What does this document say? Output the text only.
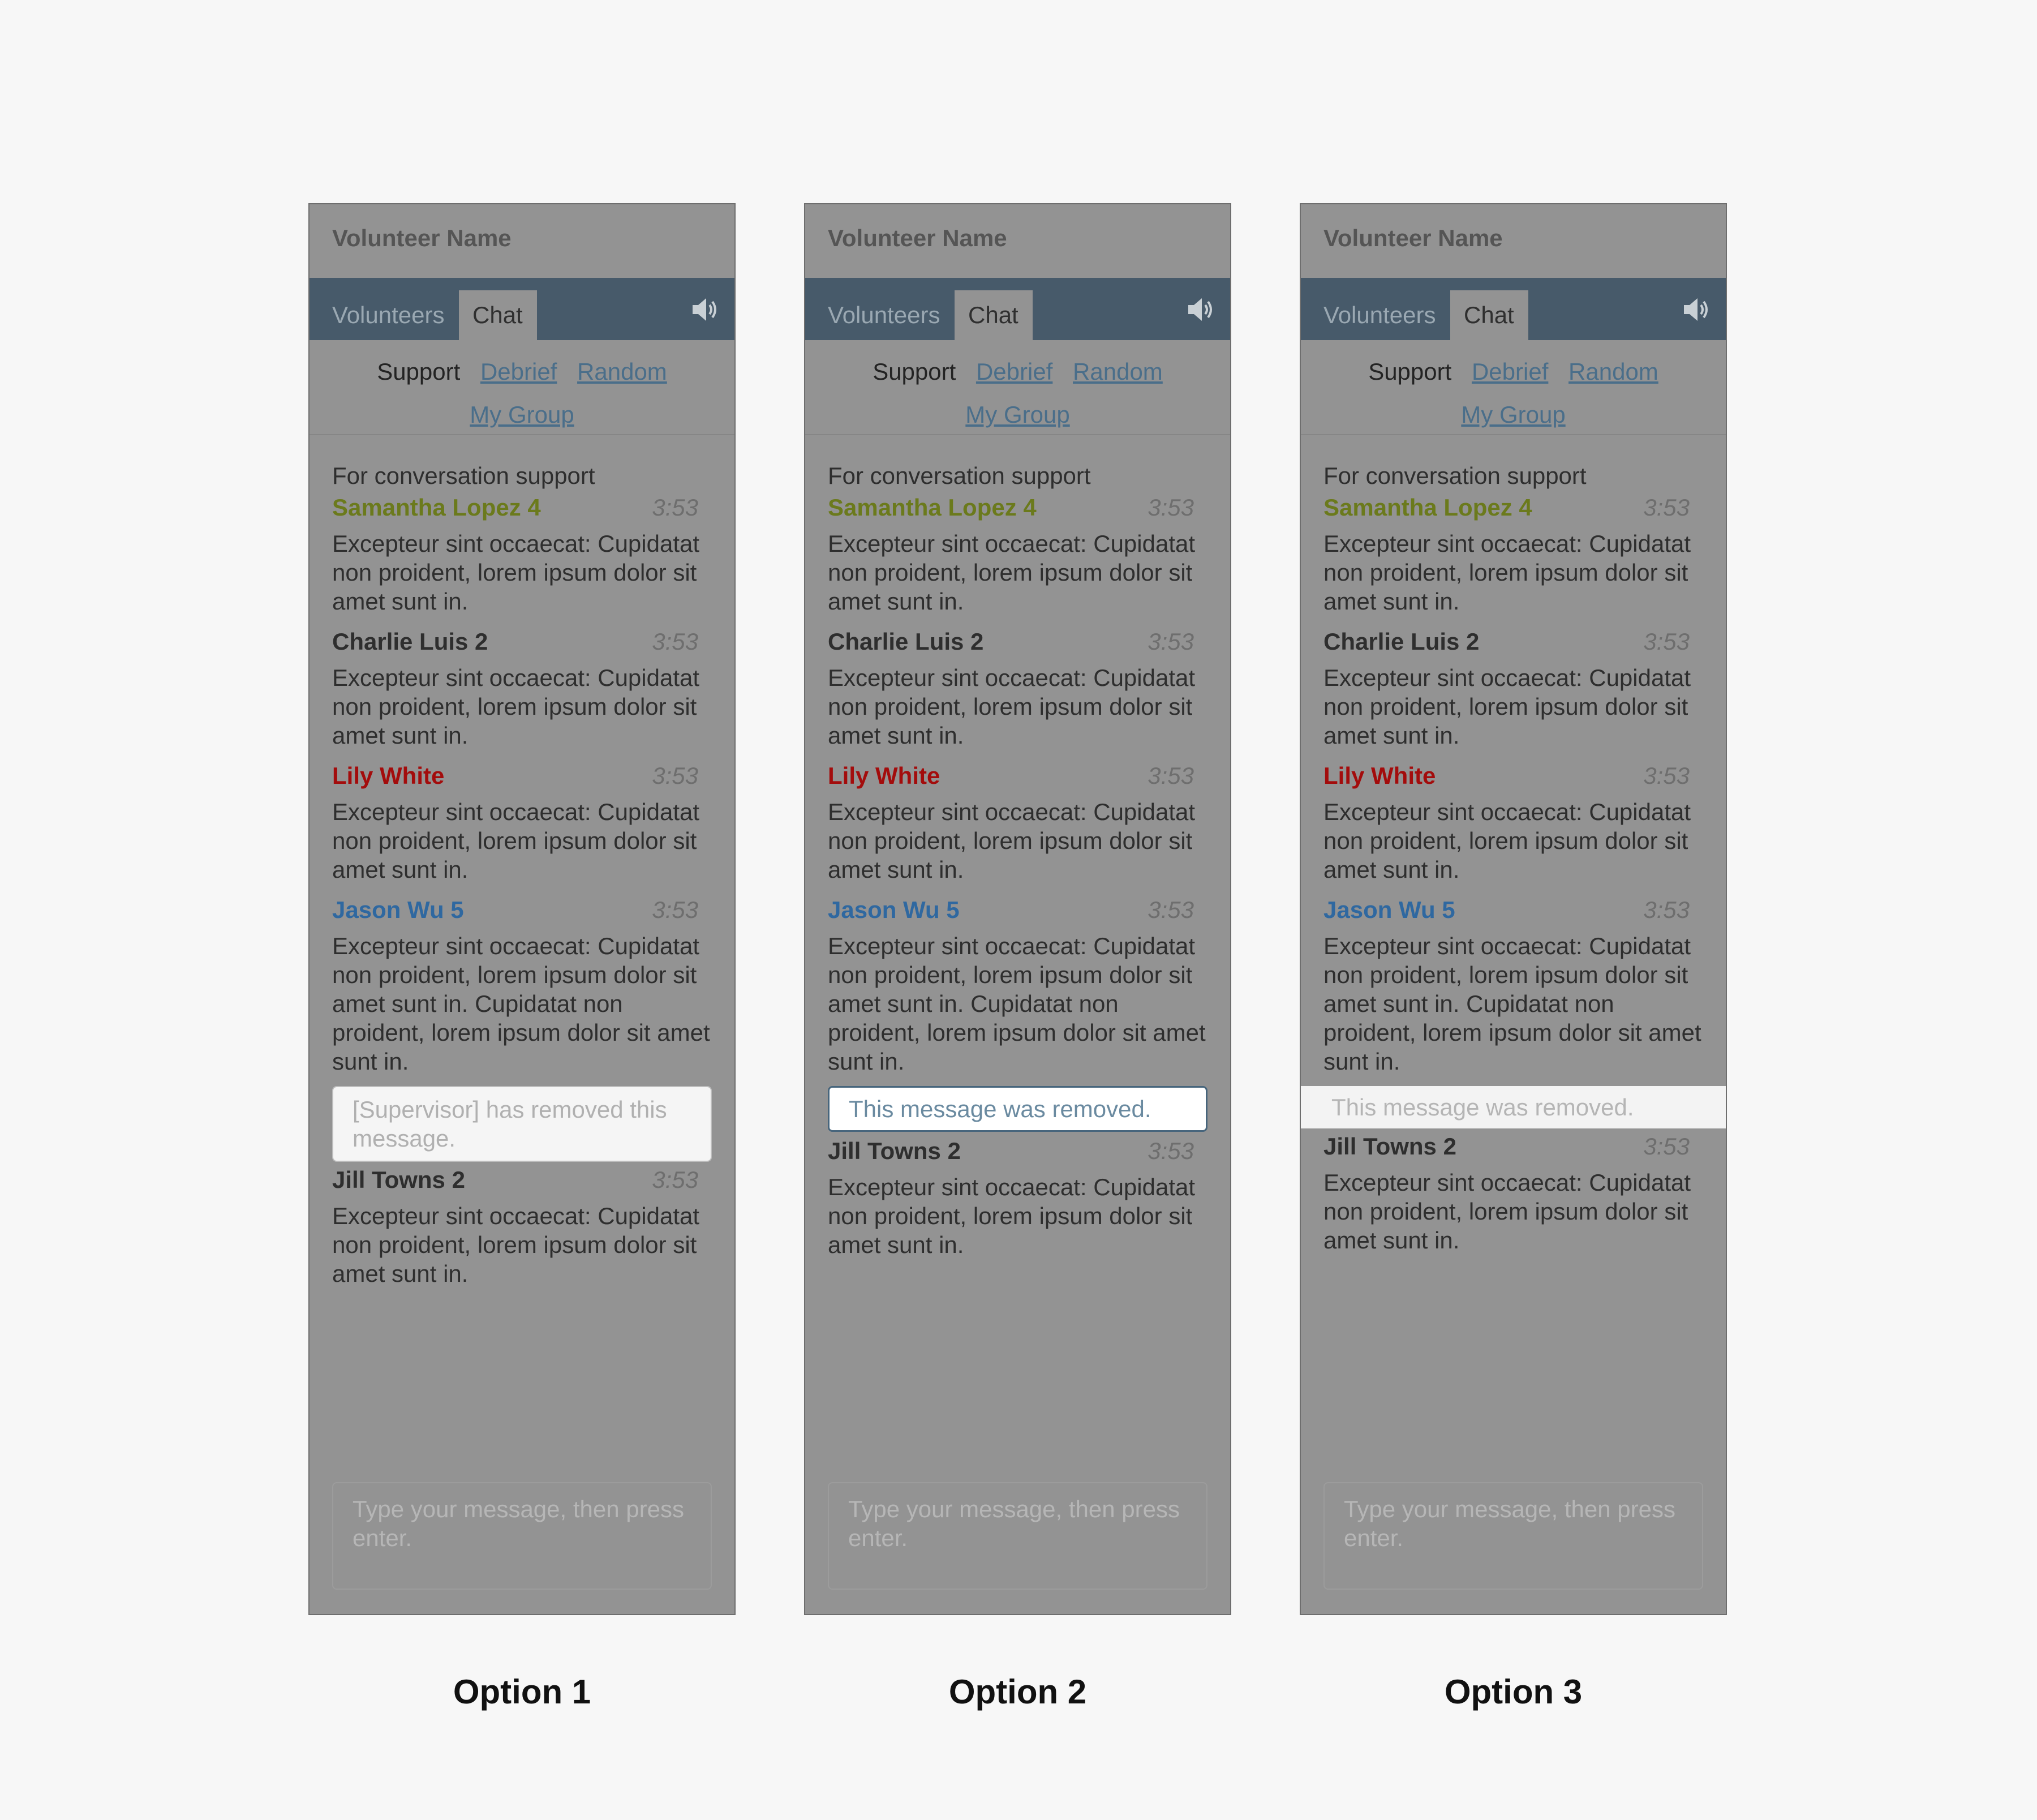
Volunteer Name
Volunteers	Chat
Support Debrief Random
My Group
For conversation support
Samantha Lopez 4	3:53
Excepteur sint occaecat: Cupidatat non proident, lorem ipsum dolor sit amet sunt in.
Charlie Luis 2	3:53
Excepteur sint occaecat: Cupidatat non proident, lorem ipsum dolor sit amet sunt in.
Lily White	3:53
Excepteur sint occaecat: Cupidatat non proident, lorem ipsum dolor sit amet sunt in.
Jason Wu 5	3:53
Excepteur sint occaecat: Cupidatat non proident, lorem ipsum dolor sit amet sunt in. Cupidatat non proident, lorem ipsum dolor sit amet sunt in.
[Supervisor] has removed this message.
Jill Towns 2	3:53
Excepteur sint occaecat: Cupidatat non proident, lorem ipsum dolor sit amet sunt in.
Type your message, then press enter.
Volunteer Name
Volunteers	Chat
Support Debrief Random
My Group
For conversation support
Samantha Lopez 4	3:53
Excepteur sint occaecat: Cupidatat non proident, lorem ipsum dolor sit amet sunt in.
Charlie Luis 2	3:53
Excepteur sint occaecat: Cupidatat non proident, lorem ipsum dolor sit amet sunt in.
Lily White	3:53
Excepteur sint occaecat: Cupidatat non proident, lorem ipsum dolor sit amet sunt in.
Jason Wu 5	3:53
Excepteur sint occaecat: Cupidatat non proident, lorem ipsum dolor sit amet sunt in. Cupidatat non proident, lorem ipsum dolor sit amet sunt in.
This message was removed.
Jill Towns 2	3:53
Excepteur sint occaecat: Cupidatat non proident, lorem ipsum dolor sit amet sunt in.
Type your message, then press enter.
Volunteer Name
Volunteers	Chat
Support Debrief Random
My Group
For conversation support
Samantha Lopez 4	3:53
Excepteur sint occaecat: Cupidatat non proident, lorem ipsum dolor sit amet sunt in.
Charlie Luis 2	3:53
Excepteur sint occaecat: Cupidatat non proident, lorem ipsum dolor sit amet sunt in.
Lily White	3:53
Excepteur sint occaecat: Cupidatat non proident, lorem ipsum dolor sit amet sunt in.
Jason Wu 5	3:53
Excepteur sint occaecat: Cupidatat non proident, lorem ipsum dolor sit amet sunt in. Cupidatat non proident, lorem ipsum dolor sit amet sunt in.
This message was removed.
Jill Towns 2	3:53
Excepteur sint occaecat: Cupidatat non proident, lorem ipsum dolor sit amet sunt in.
Type your message, then press enter.
Option 1	Option 2	Option 3
